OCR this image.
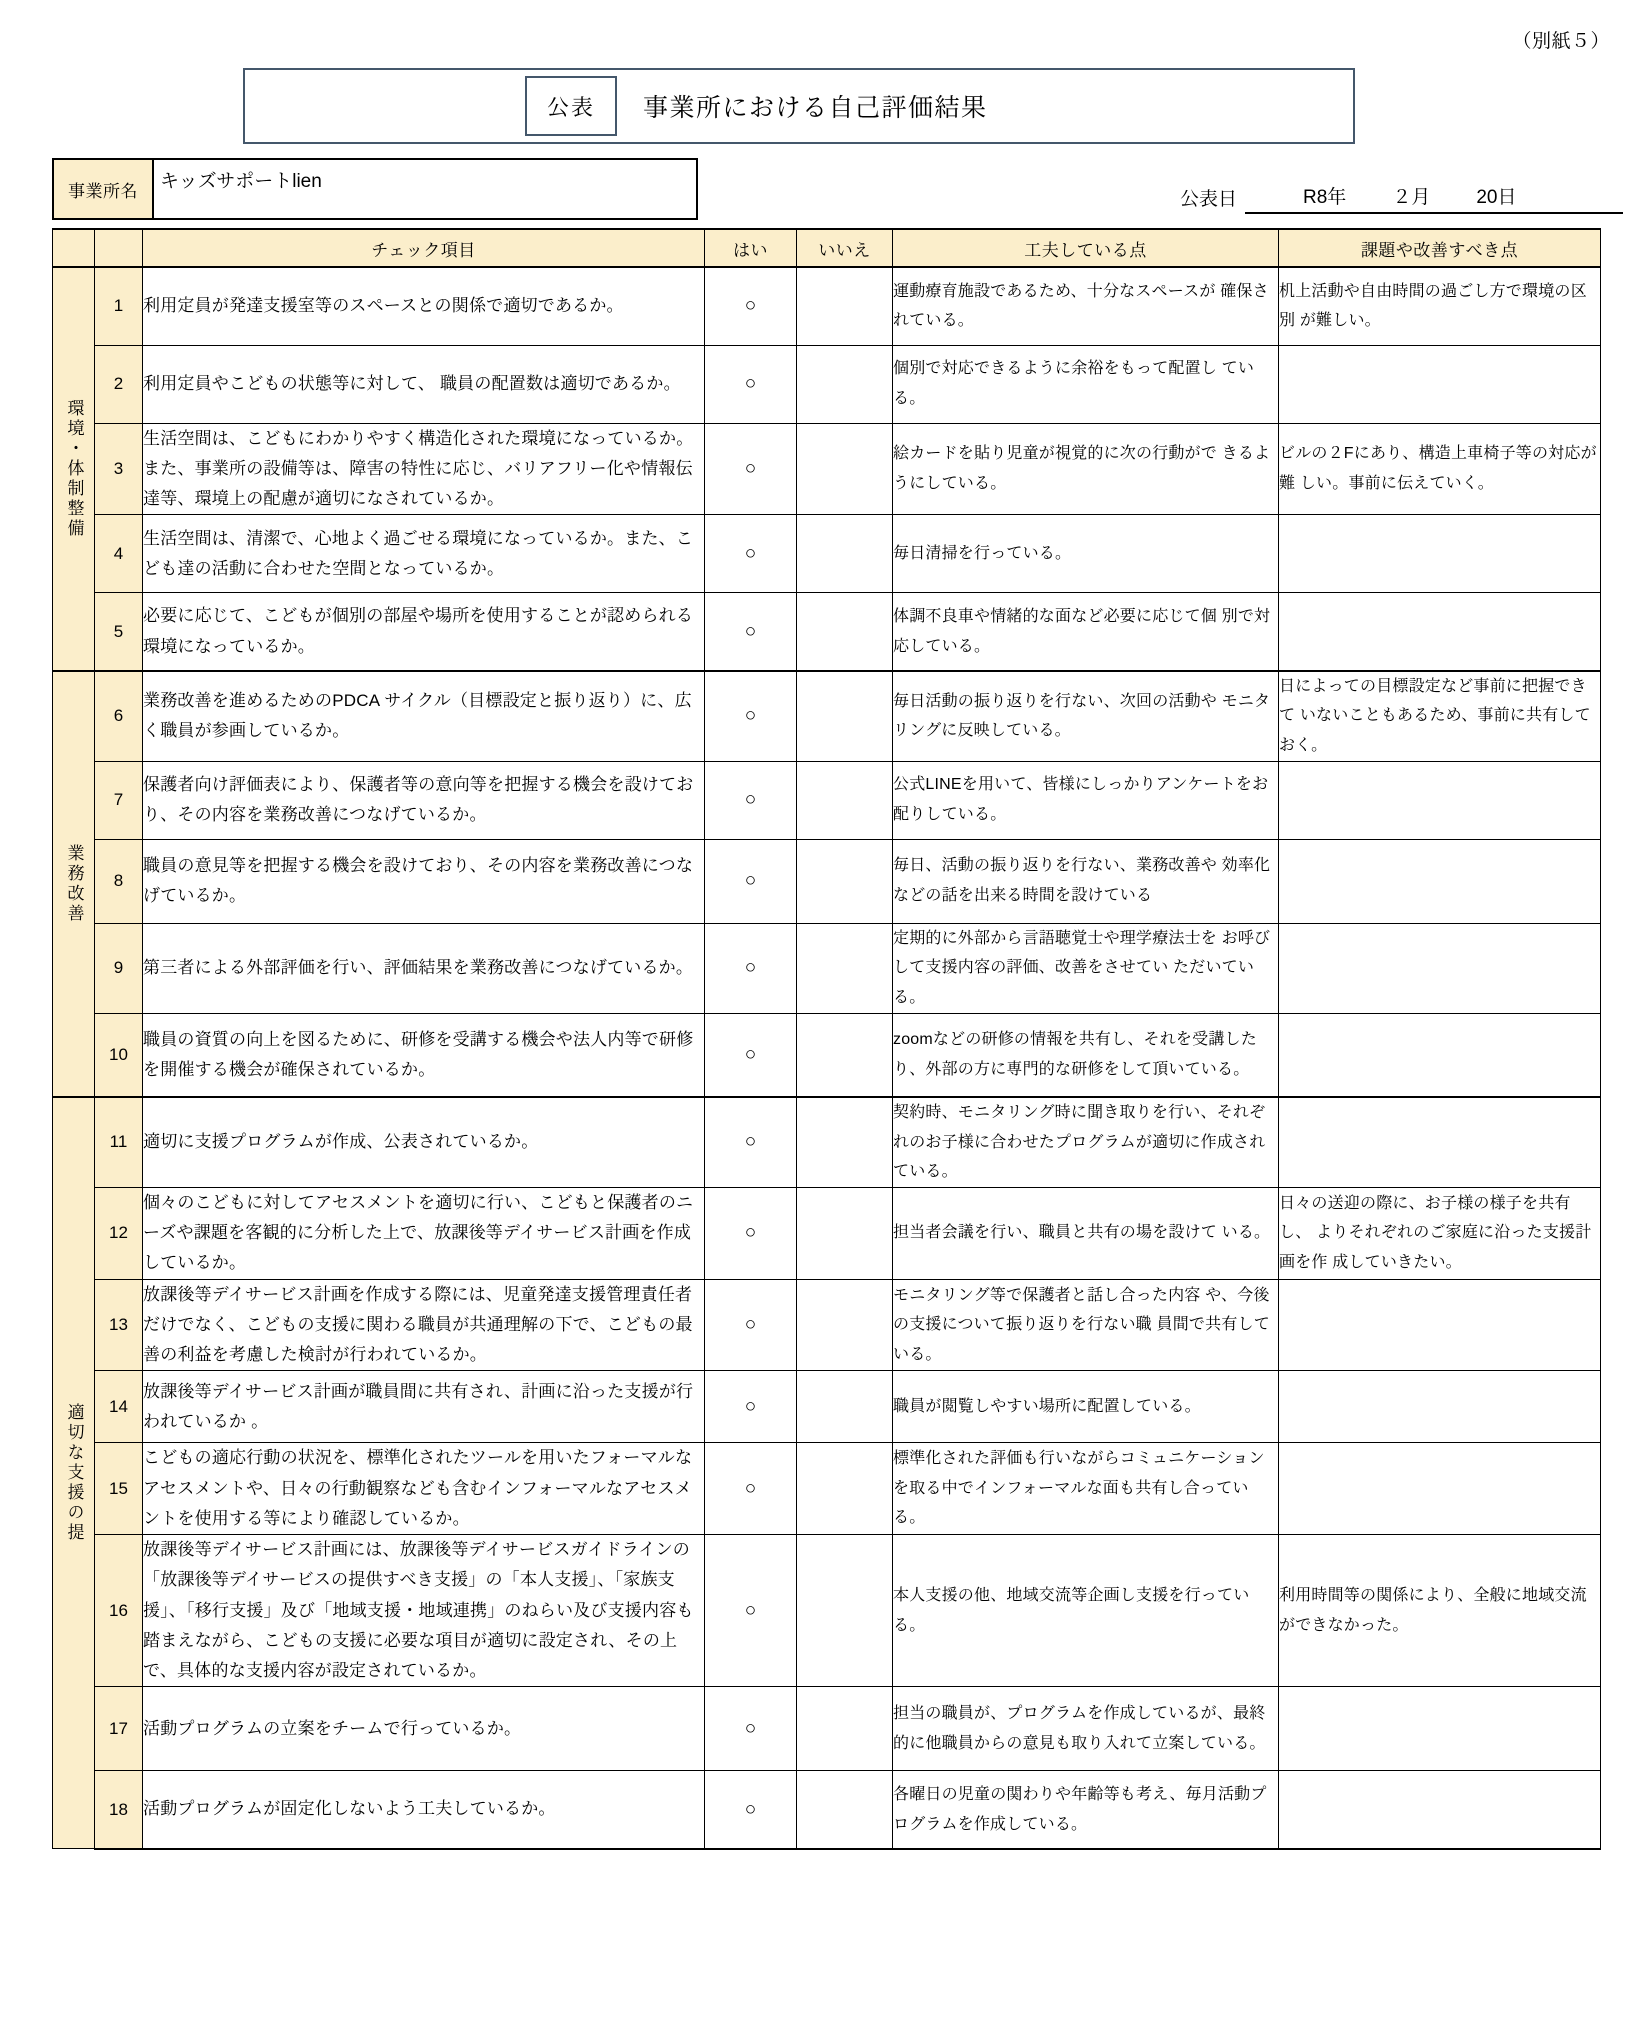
（別紙５）
公表	事業所における自己評価結果
事業所名	キッズサポートlien
公表日	R8年 ２月 20日
		チェック項目	はい	いいえ	工夫している点	課題や改善すべき点

環境・体制整備	1	利用定員が発達支援室等のスペースとの関係で適切であるか。	○		運動療育施設であるため、十分なスペースが 確保されている。	机上活動や自由時間の過ごし方で環境の区別 が難しい。
	2	利用定員やこどもの状態等に対して、 職員の配置数は適切であるか。	○		個別で対応できるように余裕をもって配置し ている。	
	3	生活空間は、こどもにわかりやすく構造化された環境になっているか。また、事業所の設備等は、障害の特性に応じ、バリアフリー化や情報伝達等、環境上の配慮が適切になされているか。	○		絵カードを貼り児童が視覚的に次の行動がで きるようにしている。	ビルの２Fにあり、構造上車椅子等の対応が難 しい。事前に伝えていく。
	4	生活空間は、清潔で、心地よく過ごせる環境になっているか。また、こども達の活動に合わせた空間となっているか。	○		毎日清掃を行っている。	
	5	必要に応じて、こどもが個別の部屋や場所を使用することが認められる環境になっているか。	○		体調不良車や情緒的な面など必要に応じて個 別で対応している。	

業務改善	6	業務改善を進めるためのPDCA サイクル（目標設定と振り返り）に、広く職員が参画しているか。	○		毎日活動の振り返りを行ない、次回の活動や モニタリングに反映している。	日によっての目標設定など事前に把握できて いないこともあるため、事前に共有しておく。
	7	保護者向け評価表により、保護者等の意向等を把握する機会を設けており、その内容を業務改善につなげているか。	○		公式LINEを用いて、皆様にしっかりアンケートをお配りしている。	
	8	職員の意見等を把握する機会を設けており、その内容を業務改善につなげているか。	○		毎日、活動の振り返りを行ない、業務改善や 効率化などの話を出来る時間を設けている	
	9	第三者による外部評価を行い、評価結果を業務改善につなげているか。	○		定期的に外部から言語聴覚士や理学療法士を お呼びして支援内容の評価、改善をさせてい ただいている。	
	10	職員の資質の向上を図るために、研修を受講する機会や法人内等で研修を開催する機会が確保されているか。	○		zoomなどの研修の情報を共有し、それを受講したり、外部の方に専門的な研修をして頂いている。	

適切な支援の提	11	適切に支援プログラムが作成、公表されているか。	○		契約時、モニタリング時に聞き取りを行い、それぞれのお子様に合わせたプログラムが適切に作成されている。	
	12	個々のこどもに対してアセスメントを適切に行い、こどもと保護者のニーズや課題を客観的に分析した上で、放課後等デイサービス計画を作成しているか。	○		担当者会議を行い、職員と共有の場を設けて いる。	日々の送迎の際に、お子様の様子を共有し、 よりそれぞれのご家庭に沿った支援計画を作 成していきたい。
	13	放課後等デイサービス計画を作成する際には、児童発達支援管理責任者だけでなく、こどもの支援に関わる職員が共通理解の下で、こどもの最善の利益を考慮した検討が行われているか。	○		モニタリング等で保護者と話し合った内容 や、今後の支援について振り返りを行ない職 員間で共有している。	
	14	放課後等デイサービス計画が職員間に共有され、計画に沿った支援が行われているか 。	○		職員が閲覧しやすい場所に配置している。	
	15	こどもの適応行動の状況を、標準化されたツールを用いたフォーマルなアセスメントや、日々の行動観察なども含むインフォーマルなアセスメントを使用する等により確認しているか。	○		標準化された評価も行いながらコミュニケーションを取る中でインフォーマルな面も共有し合っている。	
	16	放課後等デイサービス計画には、放課後等デイサービスガイドラインの「放課後等デイサービスの提供すべき支援」の「本人支援」、「家族支援」、「移行支援」及び「地域支援・地域連携」のねらい及び支援内容も踏まえながら、こどもの支援に必要な項目が適切に設定され、その上で、具体的な支援内容が設定されているか。	○		本人支援の他、地域交流等企画し支援を行っている。	利用時間等の関係により、全般に地域交流ができなかった。
	17	活動プログラムの立案をチームで行っているか。	○		担当の職員が、プログラムを作成しているが、最終的に他職員からの意見も取り入れて立案している。	
	18	活動プログラムが固定化しないよう工夫しているか。	○		各曜日の児童の関わりや年齢等も考え、毎月活動プログラムを作成している。	
